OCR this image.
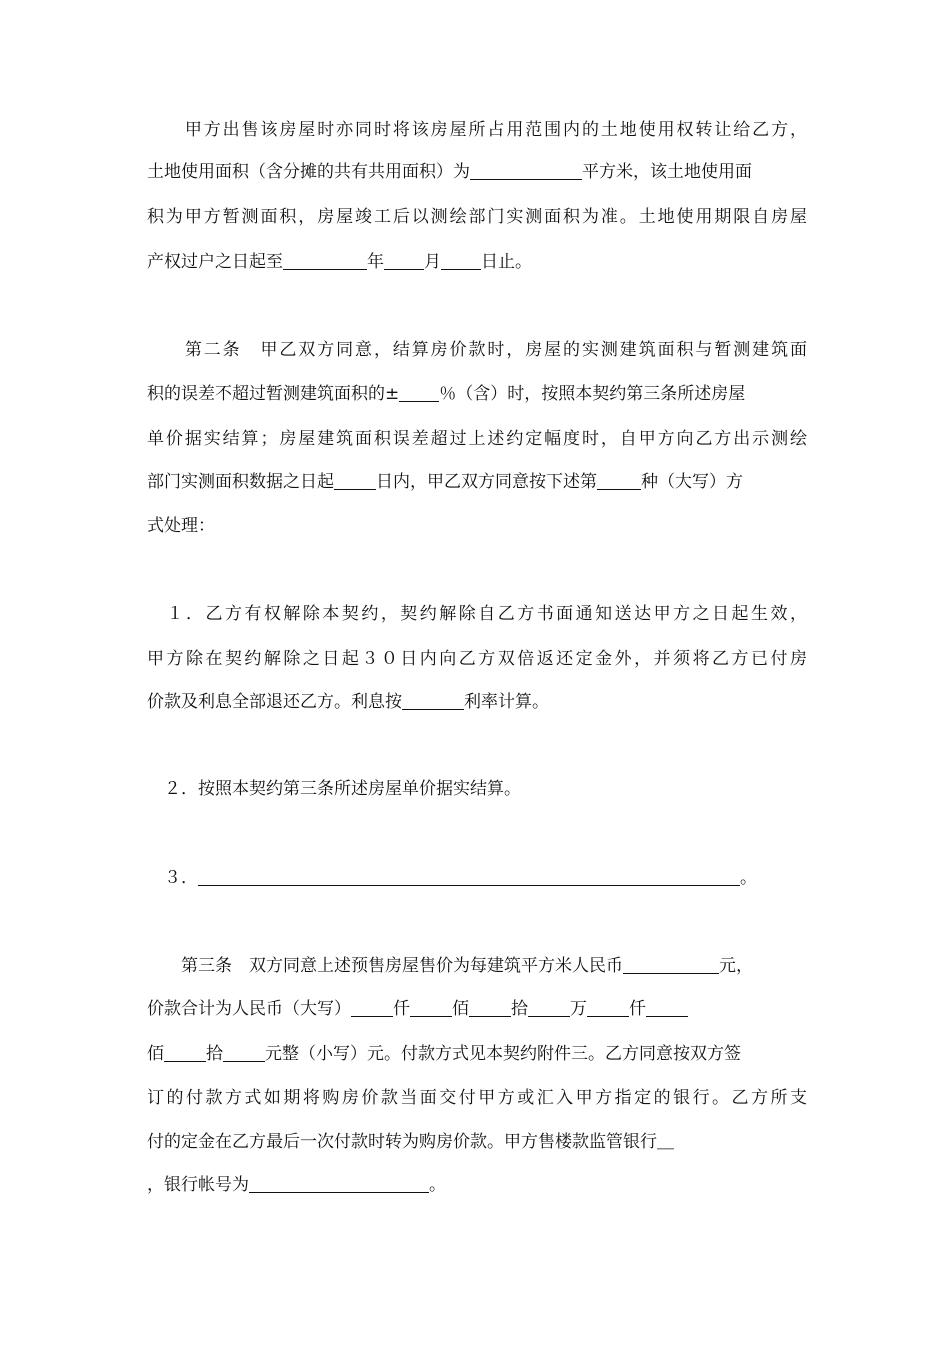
　　甲方出售该房屋时亦同时将该房屋所占用范围内的土地使用权转让给乙方，
土地使用面积（含分摊的共有共用面积）为	平方米，该土地使用面
积为甲方暂测面积，房屋竣工后以测绘部门实测面积为准。土地使用期限自房屋
产权过户之日起至	年 月 日止。
　　第二条　甲乙双方同意，结算房价款时，房屋的实测建筑面积与暂测建筑面
积的误差不超过暂测建筑面积的± ％（含）时，按照本契约第三条所述房屋
单价据实结算；房屋建筑面积误差超过上述约定幅度时，自甲方向乙方出示测绘
部门实测面积数据之日起 日内，甲乙双方同意按下述第	种（大写）方
式处理：
　１．乙方有权解除本契约，契约解除自乙方书面通知送达甲方之日起生效，
甲方除在契约解除之日起３０日内向乙方双倍返还定金外，并须将乙方已付房
价款及利息全部退还乙方。利息按	利率计算。
　２．按照本契约第三条所述房屋单价据实结算。
　３．	。
　　第三条　双方同意上述预售房屋售价为每建筑平方米人民币	元，
价款合计为人民币（大写） 仟 佰 拾 万 仟
佰 拾 元整（小写）元。付款方式见本契约附件三。乙方同意按双方签
订的付款方式如期将购房价款当面交付甲方或汇入甲方指定的银行。乙方所支
付的定金在乙方最后一次付款时转为购房价款。甲方售楼款监管银行＿
，银行帐号为	。
